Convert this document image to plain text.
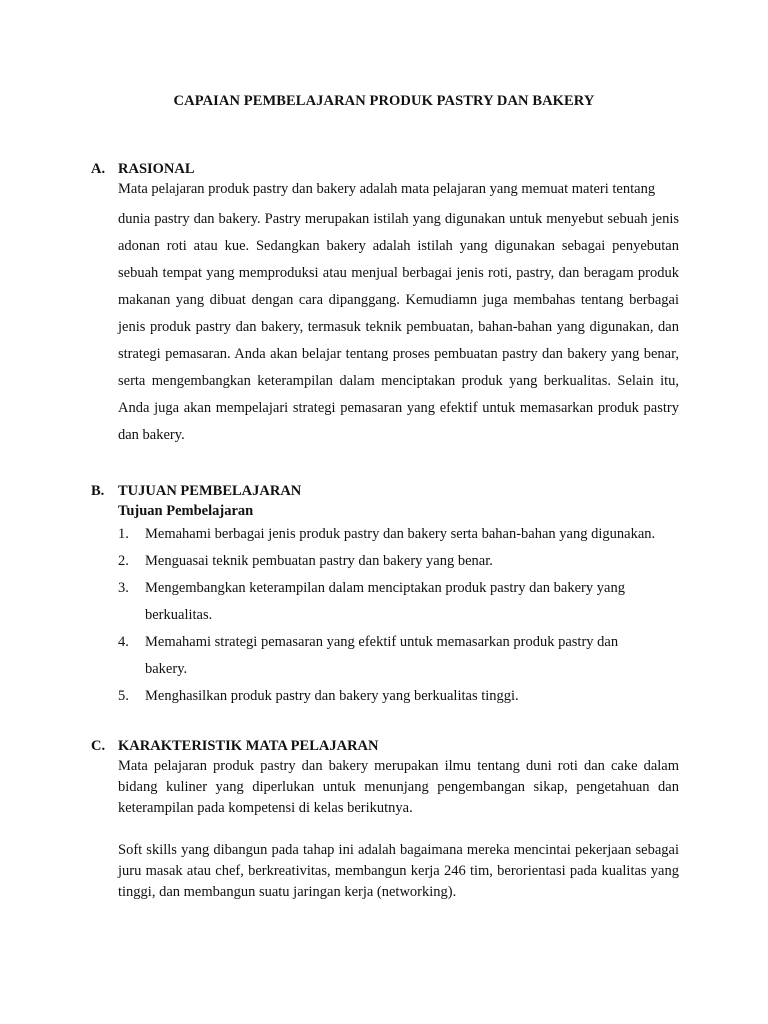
CAPAIAN PEMBELAJARAN PRODUK PASTRY DAN BAKERY
A. RASIONAL
Mata pelajaran produk pastry dan bakery adalah mata pelajaran yang memuat materi tentang
dunia pastry dan bakery. Pastry merupakan istilah yang digunakan untuk menyebut sebuah jenis adonan roti atau kue. Sedangkan bakery adalah istilah yang digunakan sebagai penyebutan sebuah tempat yang memproduksi atau menjual berbagai jenis roti, pastry, dan beragam produk makanan yang dibuat dengan cara dipanggang. Kemudiamn juga membahas tentang berbagai jenis produk pastry dan bakery, termasuk teknik pembuatan, bahan-bahan yang digunakan, dan strategi pemasaran. Anda akan belajar tentang proses pembuatan pastry dan bakery yang benar, serta mengembangkan keterampilan dalam menciptakan produk yang berkualitas. Selain itu, Anda juga akan mempelajari strategi pemasaran yang efektif untuk memasarkan produk pastry dan bakery.
B. TUJUAN PEMBELAJARAN
Tujuan Pembelajaran
1.	Memahami berbagai jenis produk pastry dan bakery serta bahan-bahan yang digunakan.
2.	Menguasai teknik pembuatan pastry dan bakery yang benar.
3.	Mengembangkan keterampilan dalam menciptakan produk pastry dan bakery yang berkualitas.
4.	Memahami strategi pemasaran yang efektif untuk memasarkan produk pastry dan bakery.
5.	Menghasilkan produk pastry dan bakery yang berkualitas tinggi.
C. KARAKTERISTIK MATA PELAJARAN
Mata pelajaran produk pastry dan bakery merupakan ilmu tentang duni roti dan cake dalam bidang kuliner yang diperlukan untuk menunjang pengembangan sikap, pengetahuan dan keterampilan pada kompetensi di kelas berikutnya.
Soft skills yang dibangun pada tahap ini adalah bagaimana mereka mencintai pekerjaan sebagai juru masak atau chef, berkreativitas, membangun kerja 246 tim, berorientasi pada kualitas yang tinggi, dan membangun suatu jaringan kerja (networking).
